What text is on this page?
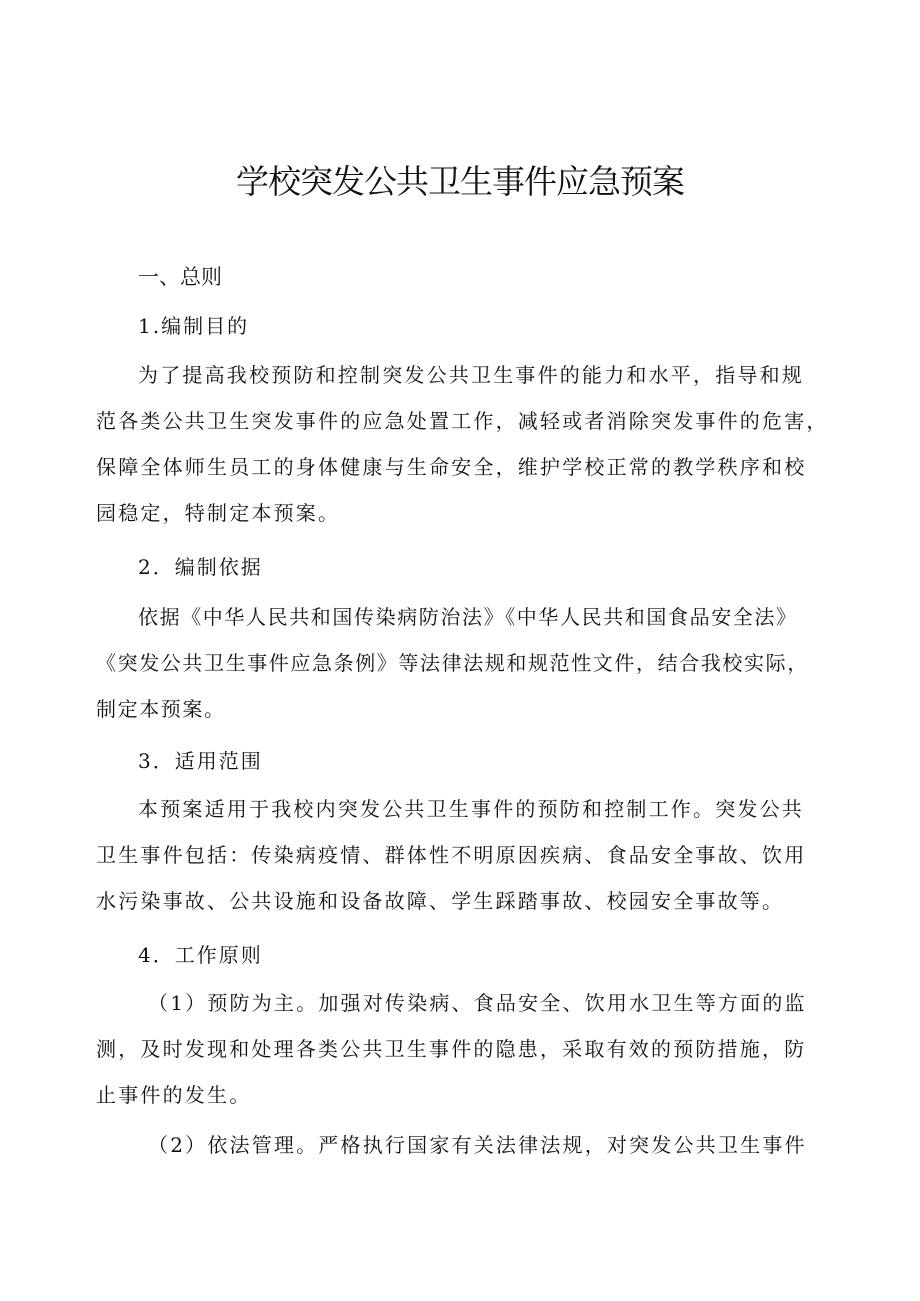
学校突发公共卫生事件应急预案
一、总则
1.编制目的
为了提高我校预防和控制突发公共卫生事件的能力和水平，指导和规
范各类公共卫生突发事件的应急处置工作，减轻或者消除突发事件的危害，
保障全体师生员工的身体健康与生命安全，维护学校正常的教学秩序和校
园稳定，特制定本预案。
2．编制依据
依据《中华人民共和国传染病防治法》《中华人民共和国食品安全法》
《突发公共卫生事件应急条例》等法律法规和规范性文件，结合我校实际，
制定本预案。
3．适用范围
本预案适用于我校内突发公共卫生事件的预防和控制工作。突发公共
卫生事件包括：传染病疫情、群体性不明原因疾病、食品安全事故、饮用
水污染事故、公共设施和设备故障、学生踩踏事故、校园安全事故等。
4．工作原则
（1）预防为主。加强对传染病、食品安全、饮用水卫生等方面的监
测，及时发现和处理各类公共卫生事件的隐患，采取有效的预防措施，防
止事件的发生。
（2）依法管理。严格执行国家有关法律法规，对突发公共卫生事件
